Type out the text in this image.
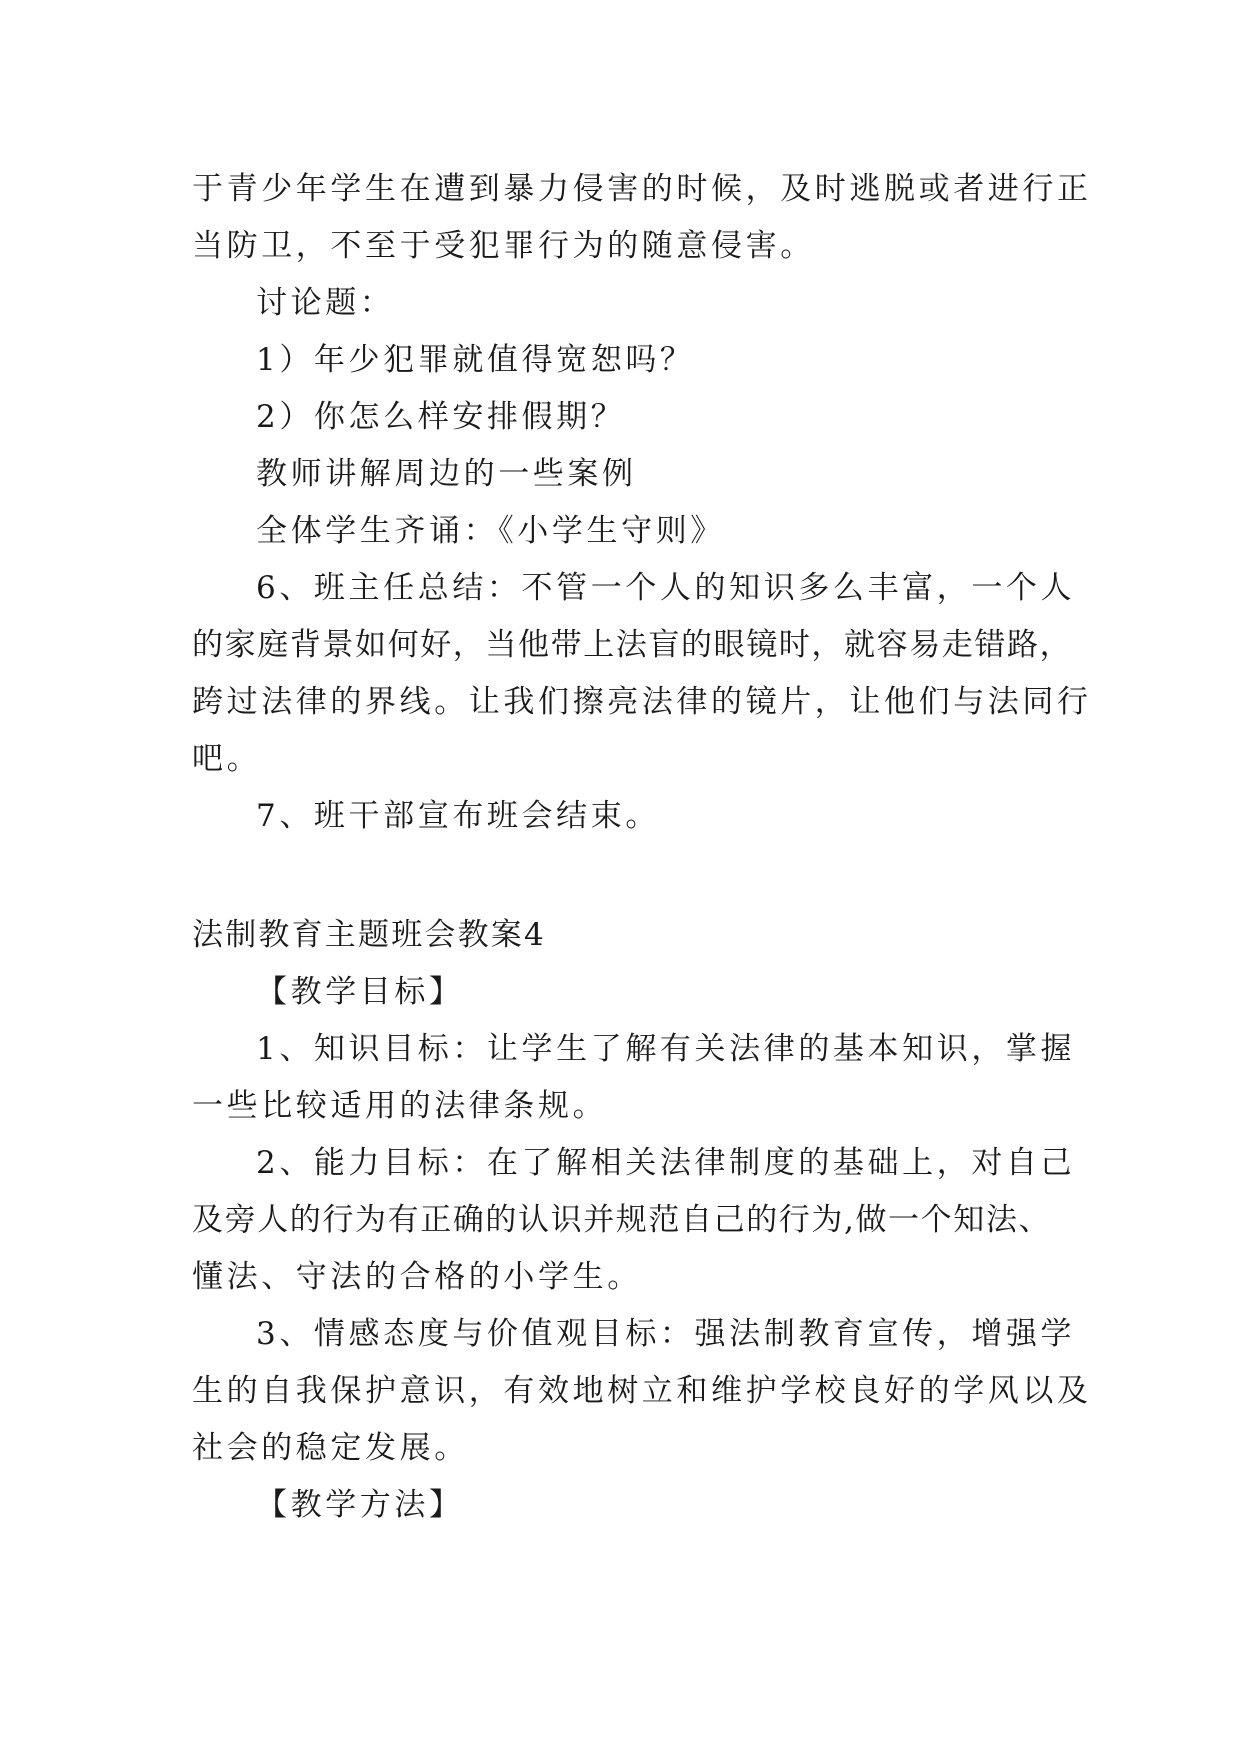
于青少年学生在遭到暴力侵害的时候，及时逃脱或者进行正
当防卫，不至于受犯罪行为的随意侵害。
讨论题：
1）年少犯罪就值得宽恕吗？
2）你怎么样安排假期？
教师讲解周边的一些案例
全体学生齐诵：《小学生守则》
6、班主任总结：不管一个人的知识多么丰富，一个人
的家庭背景如何好，当他带上法盲的眼镜时，就容易走错路，
跨过法律的界线。让我们擦亮法律的镜片，让他们与法同行
吧。
7、班干部宣布班会结束。
法制教育主题班会教案4
【教学目标】
1、知识目标：让学生了解有关法律的基本知识，掌握
一些比较适用的法律条规。
2、能力目标：在了解相关法律制度的基础上，对自己
及旁人的行为有正确的认识并规范自己的行为,做一个知法、
懂法、守法的合格的小学生。
3、情感态度与价值观目标：强法制教育宣传，增强学
生的自我保护意识，有效地树立和维护学校良好的学风以及
社会的稳定发展。
【教学方法】
